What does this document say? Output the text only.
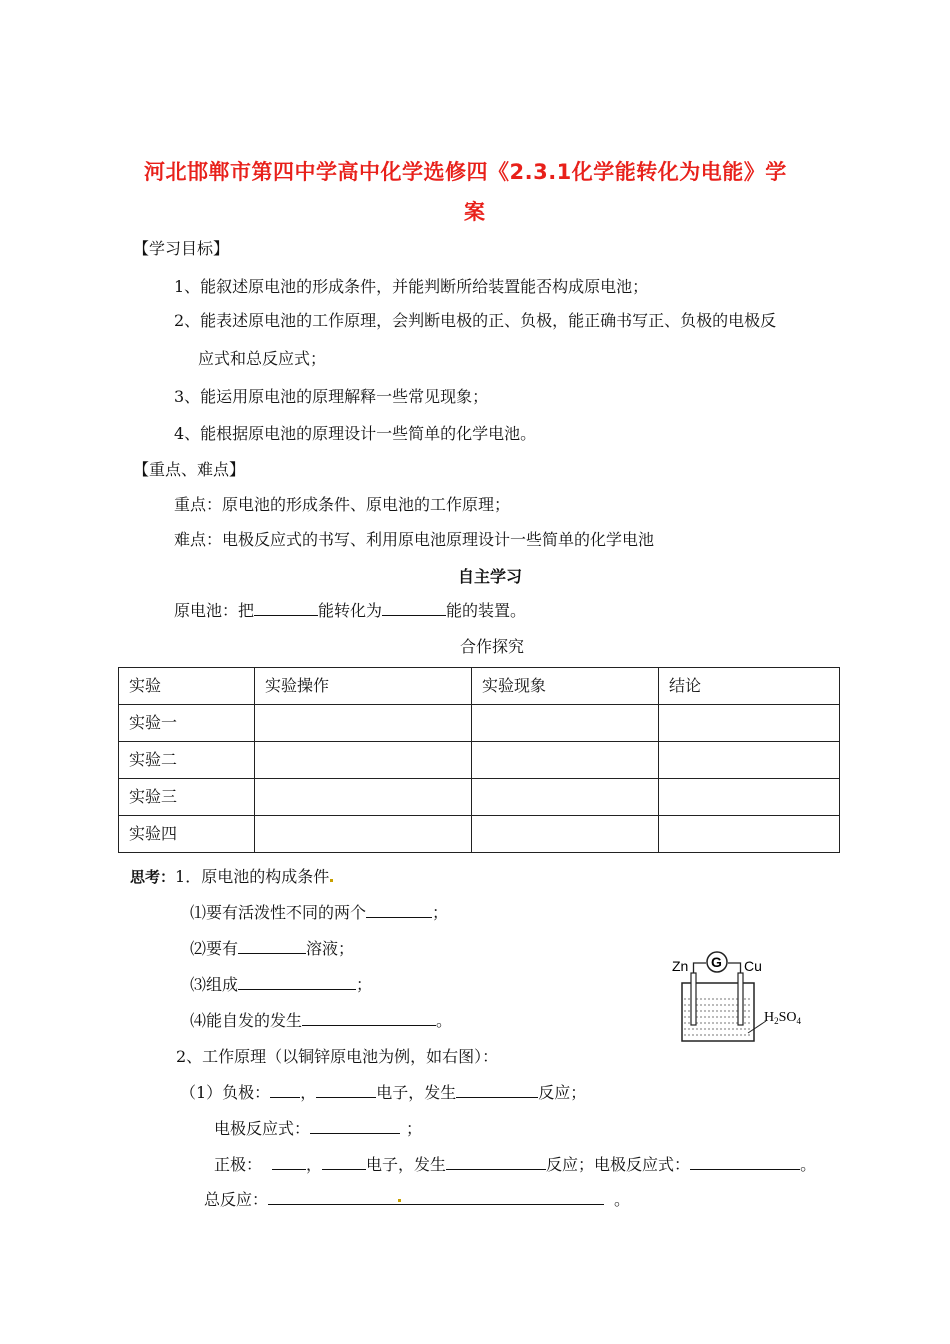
河北邯郸市第四中学高中化学选修四《2.3.1化学能转化为电能》学
案
【学习目标】
1、能叙述原电池的形成条件，并能判断所给装置能否构成原电池；
2、能表述原电池的工作原理，会判断电极的正、负极，能正确书写正、负极的电极反
应式和总反应式；
3、能运用原电池的原理解释一些常见现象；
4、能根据原电池的原理设计一些简单的化学电池。
【重点、难点】
重点：原电池的形成条件、原电池的工作原理；
难点：电极反应式的书写、利用原电池原理设计一些简单的化学电池
自主学习
原电池：把	能转化为	能的装置。
合作探究
实验	实验操作	实验现象	结论
实验一			
实验二			
实验三			
实验四			
思考：1．原电池的构成条件
⑴要有活泼性不同的两个	；
⑵要有	溶液；
⑶组成	；
⑷能自发的发生	。
2、工作原理（以铜锌原电池为例，如右图）：
（1）负极： ，	电子，发生	反应；
电极反应式：	；
正极：	，	电子，发生	反应；电极反应式：	。
总反应：	。
G
Zn	Cu
$H_2SO_4$
